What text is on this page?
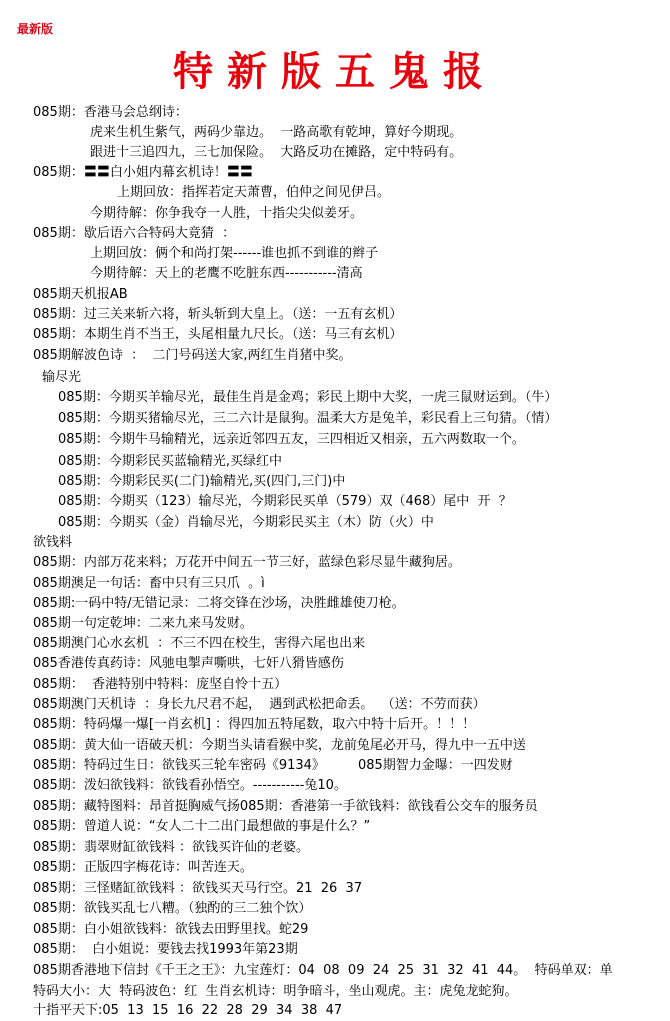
最新版
特新版五鬼报
085期：香港马会总纲诗：
虎来生机生紫气，两码少靠边。  一路高歌有乾坤，算好今期现。
跟进十三追四九，三七加保险。  大路反功在摊路，定中特码有。
085期：〓〓白小姐内幕玄机诗！〓〓
上期回放：指挥若定天萧曹，伯仲之间见伊吕。
今期待解：你争我夺一人胜，十指尖尖似姜牙。
085期：歇后语六合特码大竟猜  ：
上期回放：俩个和尚打架------谁也抓不到谁的辫子
今期待解：天上的老鹰不吃脏东西-----------清高
085期天机报AB
085期：过三关来斩六将，斩头斩到大皇上。（送：一五有玄机）
085期：本期生肖不当王，头尾相量九尺长。（送：马三有玄机）
085期解波色诗  ：  二门号码送大家,两红生肖猪中奖。
输尽光
085期：今期买羊输尽光，最佳生肖是金鸡；彩民上期中大奖，一虎三鼠财运到。（牛）
085期：今期买猪输尽光，三二六计是鼠狗。温柔大方是兔羊，彩民看上三句猜。（情）
085期：今期牛马输精光，远亲近邻四五友，三四相近又相亲，五六两数取一个。
085期：今期彩民买蓝输精光,买绿红中
085期：今期彩民买(二门)输精光,买(四门,三门)中
085期：今期买（123）输尽光，今期彩民买单（579）双（468）尾中  开  ？
085期：今期买（金）肖输尽光，今期彩民买主（木）防（火）中
欲钱料
085期：内部万花来料；万花开中间五一节三好，蓝绿色彩尽显牛藏狗居。
085期澳足一句话：畜中只有三只爪  。ì
085期:一码中特/无错记录：二将交锋在沙场，决胜雌雄使刀枪。
085期一句定乾坤：二来九来马发财。
085期澳门心水玄机  ：不三不四在校生，害得六尾也出来
085香港传真药诗：风驰电掣声嘶哄，七奸八猾皆感伤
085期：  香港特别中特料：庞坚自怜十五）
085期澳门天机诗  ：身长九尺君不起，  遇到武松把命丢。  （送：不劳而获）
085期：特码爆一爆[一肖玄机] ：得四加五特尾数，取六中特十后开。！！！
085期：黄大仙一语破天机：今期当头请看猴中奖，龙前兔尾必开马，得九中一五中送
085期：特码过生日：欲钱买三轮车密码《9134》        085期智力金曝：一四发财
085期：泼妇欲钱料：欲钱看孙悟空。-----------兔10。
085期：藏特图料：昂首挺胸威气扬085期：香港第一手欲钱料：欲钱看公交车的服务员
085期：曾道人说：“女人二十二出门最想做的事是什么？”
085期：翡翠财缸欲钱料 ：欲钱买许仙的老婆。
085期：正版四字梅花诗：叫苦连天。
085期：三怪赌缸欲钱料 ：欲钱买天马行空。21  26  37
085期：欲钱买乱七八糟。（独酌的三二独个饮）
085期：白小姐欲钱料：欲钱去田野里找。蛇29
085期：  白小姐说：要钱去找1993年第23期
085期香港地下信封《千王之王》：九宝莲灯：04  08  09  24  25  31  32  41  44。  特码单双：单
特码大小：大  特码波色：红  生肖玄机诗：明争暗斗，坐山观虎。主：虎兔龙蛇狗。
十指平天下:05  13  15  16  22  28  29  34  38  47
